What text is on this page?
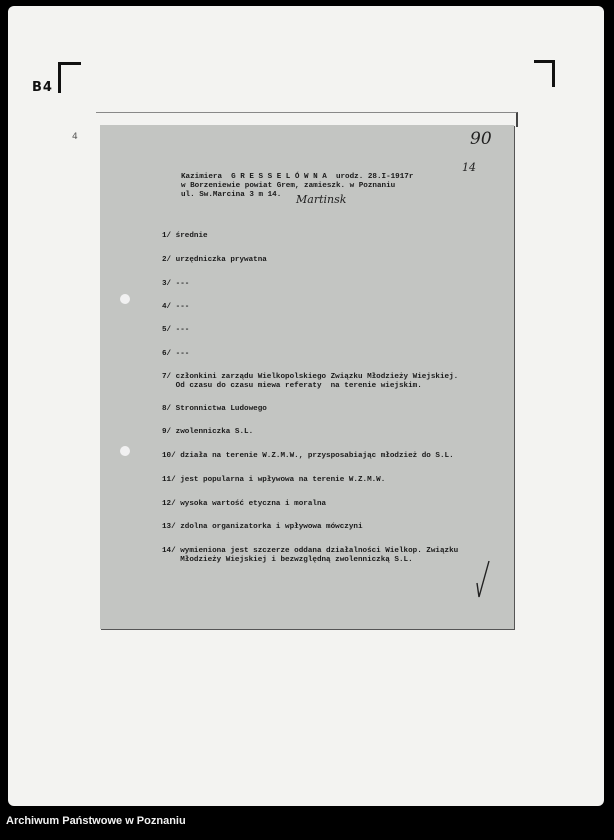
B4
4	90
14
Kazimiera  G R E S S E L Ó W N A  urodz. 28.I-1917r
w Borzeniewie powiat Grem, zamieszk. w Poznaniu
ul. Sw.Marcina 3 m 14.	Martinsk
1/ średnie
2/ urzędniczka prywatna
3/ ---
4/ ---
5/ ---
6/ ---
7/ członkini zarządu Wielkopolskiego Związku Młodzieży Wiejskiej.
Od czasu do czasu miewa referaty  na terenie wiejskim.
8/ Stronnictwa Ludowego
9/ zwolenniczka S.L.
10/ działa na terenie W.Z.M.W., przysposabiając młodzież do S.L.
11/ jest popularna i wpływowa na terenie W.Z.M.W.
12/ wysoka wartość etyczna i moralna
13/ zdolna organizatorka i wpływowa mówczyni
14/ wymieniona jest szczerze oddana działalności Wielkop. Związku
Młodzieży Wiejskiej i bezwzględną zwolenniczką S.L.
Archiwum Państwowe w Poznaniu
